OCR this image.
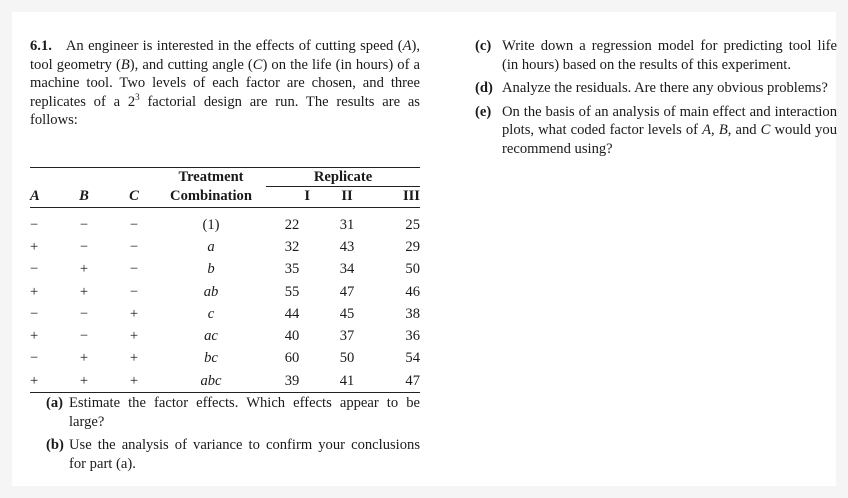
6.1. An engineer is interested in the effects of cutting speed (A), tool geometry (B), and cutting angle (C) on the life (in hours) of a machine tool. Two levels of each factor are chosen, and three replicates of a $2^3$ factorial design are run. The results are as follows:

			Treatment	Replicate		
A	B	C	Combination	I	II	III
−	−	−	(1)	22	31	25
+	−	−	a	32	43	29
−	+	−	b	35	34	50
+	+	−	ab	55	47	46
−	−	+	c	44	45	38
+	−	+	ac	40	37	36
−	+	+	bc	60	50	54
+	+	+	abc	39	41	47
(a) Estimate the factor effects. Which effects appear to be large?
(b) Use the analysis of variance to confirm your conclusions for part (a).
(c) Write down a regression model for predicting tool life (in hours) based on the results of this experiment.
(d) Analyze the residuals. Are there any obvious problems?
(e) On the basis of an analysis of main effect and interaction plots, what coded factor levels of A, B, and C would you recommend using?
